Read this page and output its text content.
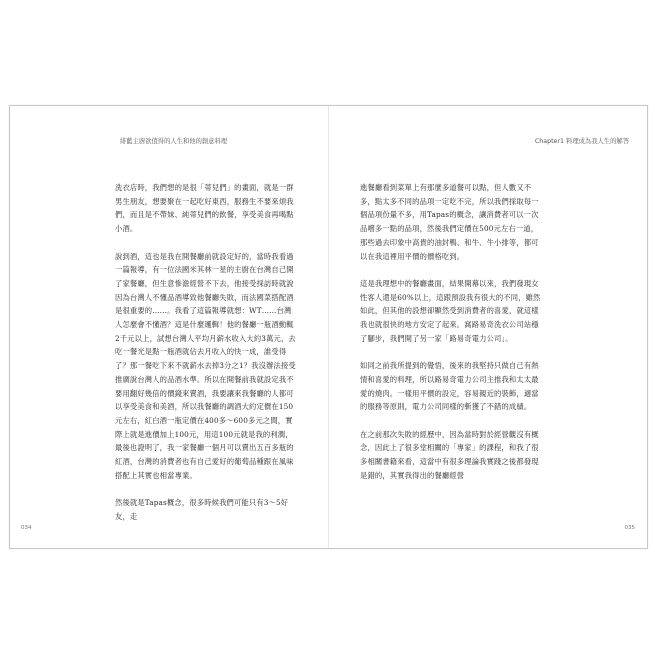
緋藍主廚欲值得的人生和他的創意料理	Chapter1 料理成為我人生的解答

洗衣店時，我們想的是很「蒂兒們」的畫面，就是一群男生朋友，想要聚在一起吃好東西，服務生不要來煩我們，而且是不帶妹、純蒂兒們的飲餐，享受美食再喝點小酒。

說到酒，這也是我在開餐廳前就設定好的，當時我看過一篇報導，有一位法國米其林一星的主廚在台灣自己開了家餐廳，但生意慘澹經營不下去，他接受採訪時就說因為台灣人不懂品酒導致他餐廳失敗，而法國菜搭配酒是很重要的……。我看了這篇報導就想：WT……台灣人怎麼會不懂酒？這是什麼邏輯！他的餐廳一瓶酒動輒2千元以上，試想台灣人平均月薪水收入大約3萬元，去吃一餐光是點一瓶酒就佔去月收入的快一成，誰受得了？那一餐吃下來不就薪水去掉3分之1？我沒辦法接受推廣說台灣人的品酒水準。所以在開餐前我就設定我不要用翻好幾倍的價錢來賣酒，我要讓來我餐廳的人都可以享受美食和美酒，所以我餐廳的調酒大約定價在150元左右，紅白酒一瓶定價在400多～600多元之間，實際上就是進價加上100元，用這100元就是我的利潤，最後也證明了，我一家餐廳一個月可以賣出五百多瓶的紅酒，台灣的消費者也有自己愛好的葡萄品種跟在風味搭配上其實也相當專業。

然後就是Tapas概念，很多時候我們可能只有3～5好友，走

進餐廳看到菜單上有那麼多道餐可以點，但人數又不多，點太多不同的品項一定吃不完，所以我們採取每一個品項份量不多，用Tapas的概念，讓消費者可以一次品嚐多一點的品項，然後我們定價在500元左右一道，那些過去印象中高貴的油封鴨、和牛、牛小排等，都可以在我這裡用平價的價格吃到。

這是我理想中的餐廳畫面，結果開幕以來，我們發現女性客人還是60%以上，這跟預設我有很大的不同，雖然如此，但其他的設想卻顯然受到消費者的喜愛，就這樣我也就很快的地方安定了起來。窩路易奇洗衣公司站穩了腳步，我們開了另一家「路易奇電力公司」。

如同之前我所提到的覺悟，後來的我堅持只做自己有熱情和喜愛的料理，所以路易奇電力公司主推我和太太最愛的燒肉。一樣用平價的設定，容易親近的裝飾，適當的服務等原則，電力公司同樣的斬獲了不錯的成績。

在之前那次失敗的經歷中，因為當時對於經營觀沒有概念，因此上了很多堂相關的「專家」的課程，和我了很多相關書籍來看，這當中有很多理論我實踐之後都發現是錯的，其實我得出的餐廳經營

034	035
